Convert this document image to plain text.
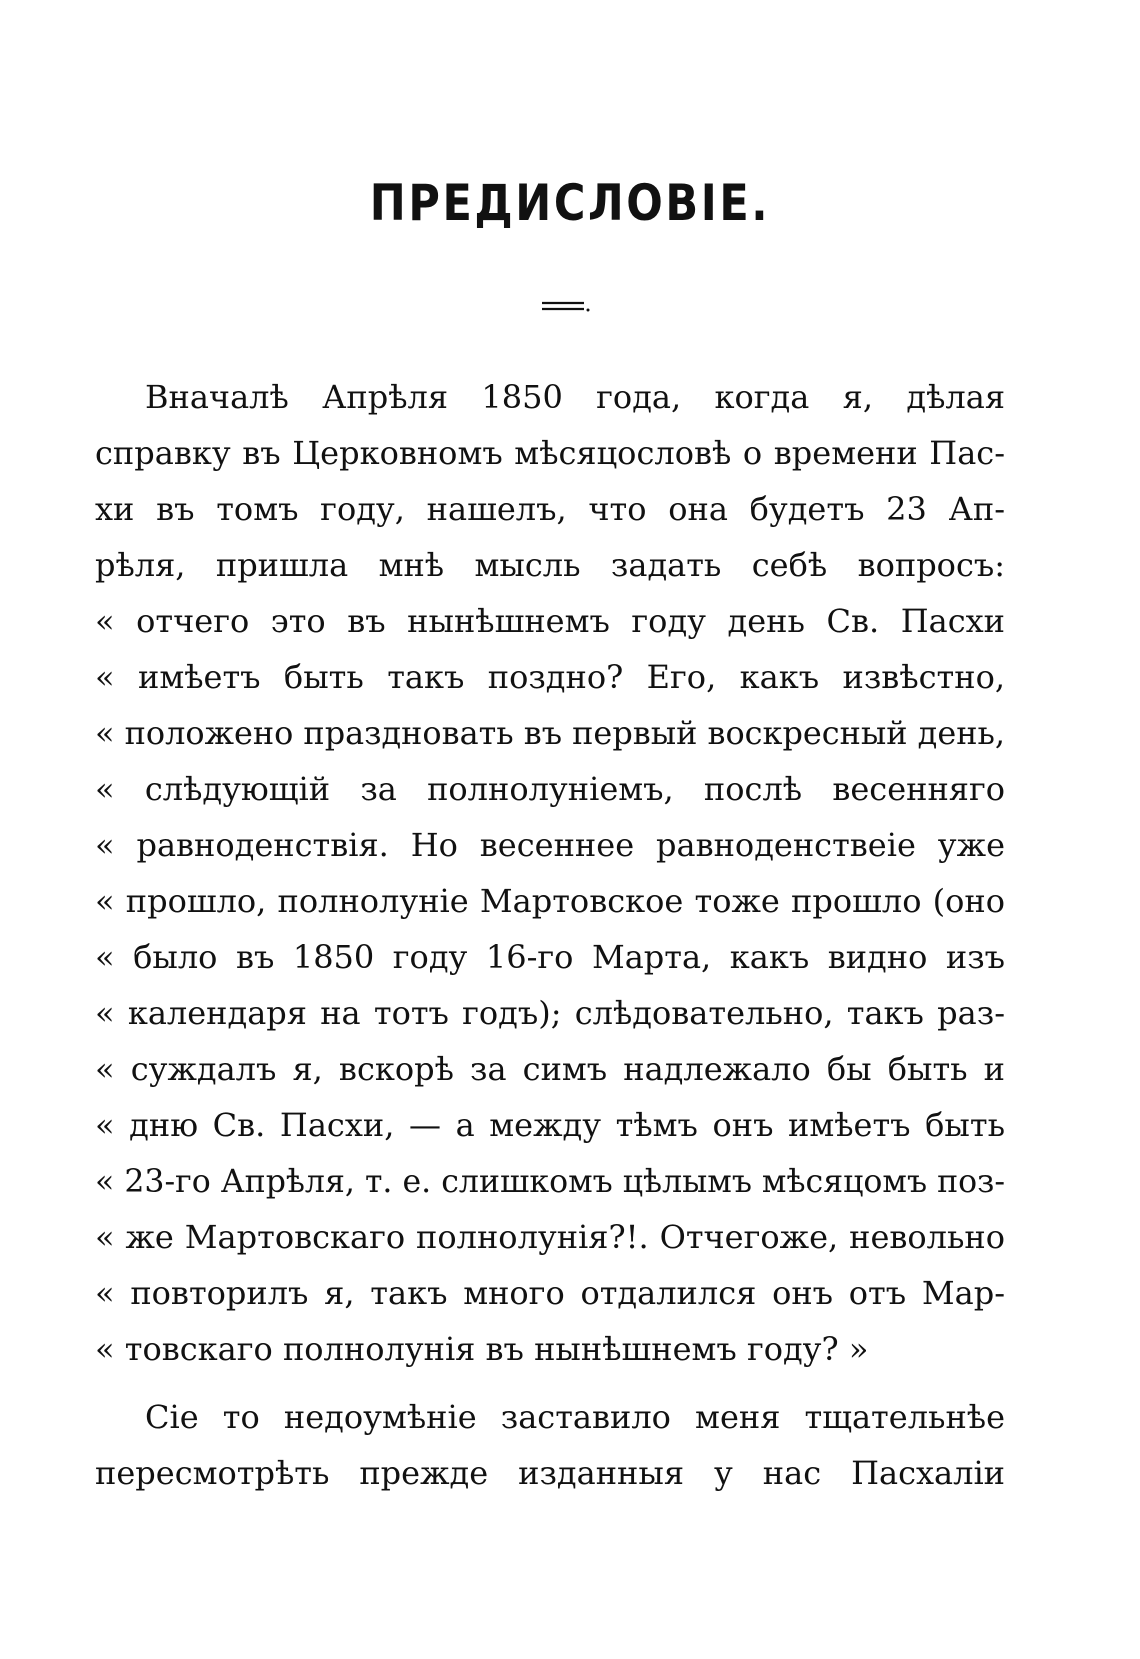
ПРЕДИСЛОВІЕ.
Вначалѣ Апрѣля 1850 года, когда я, дѣлая
справку въ Церковномъ мѣсяцословѣ о времени Пас-
хи въ томъ году, нашелъ, что она будетъ 23 Ап-
рѣля, пришла мнѣ мысль задать себѣ вопросъ:
« отчего это въ нынѣшнемъ году день Св. Пасхи
« имѣетъ быть такъ поздно? Его, какъ извѣстно,
« положено праздновать въ первый воскресный день,
« слѣдующій за полнолуніемъ, послѣ весенняго
« равноденствія. Но весеннее равноденствеіе уже
« прошло, полнолуніе Мартовское тоже прошло (оно
« было въ 1850 году 16-го Марта, какъ видно изъ
« календаря на тотъ годъ); слѣдовательно, такъ раз-
« суждалъ я, вскорѣ за симъ надлежало бы быть и
« дню Св. Пасхи, — а между тѣмъ онъ имѣетъ быть
« 23-го Апрѣля, т. е. слишкомъ цѣлымъ мѣсяцомъ поз-
« же Мартовскаго полнолунія?!. Отчегоже, невольно
« повторилъ я, такъ много отдалился онъ отъ Мар-
« товскаго полнолунія въ нынѣшнемъ году? »
Сіе то недоумѣніе заставило меня тщательнѣе
пересмотрѣть прежде изданныя у нас Пасхаліи
